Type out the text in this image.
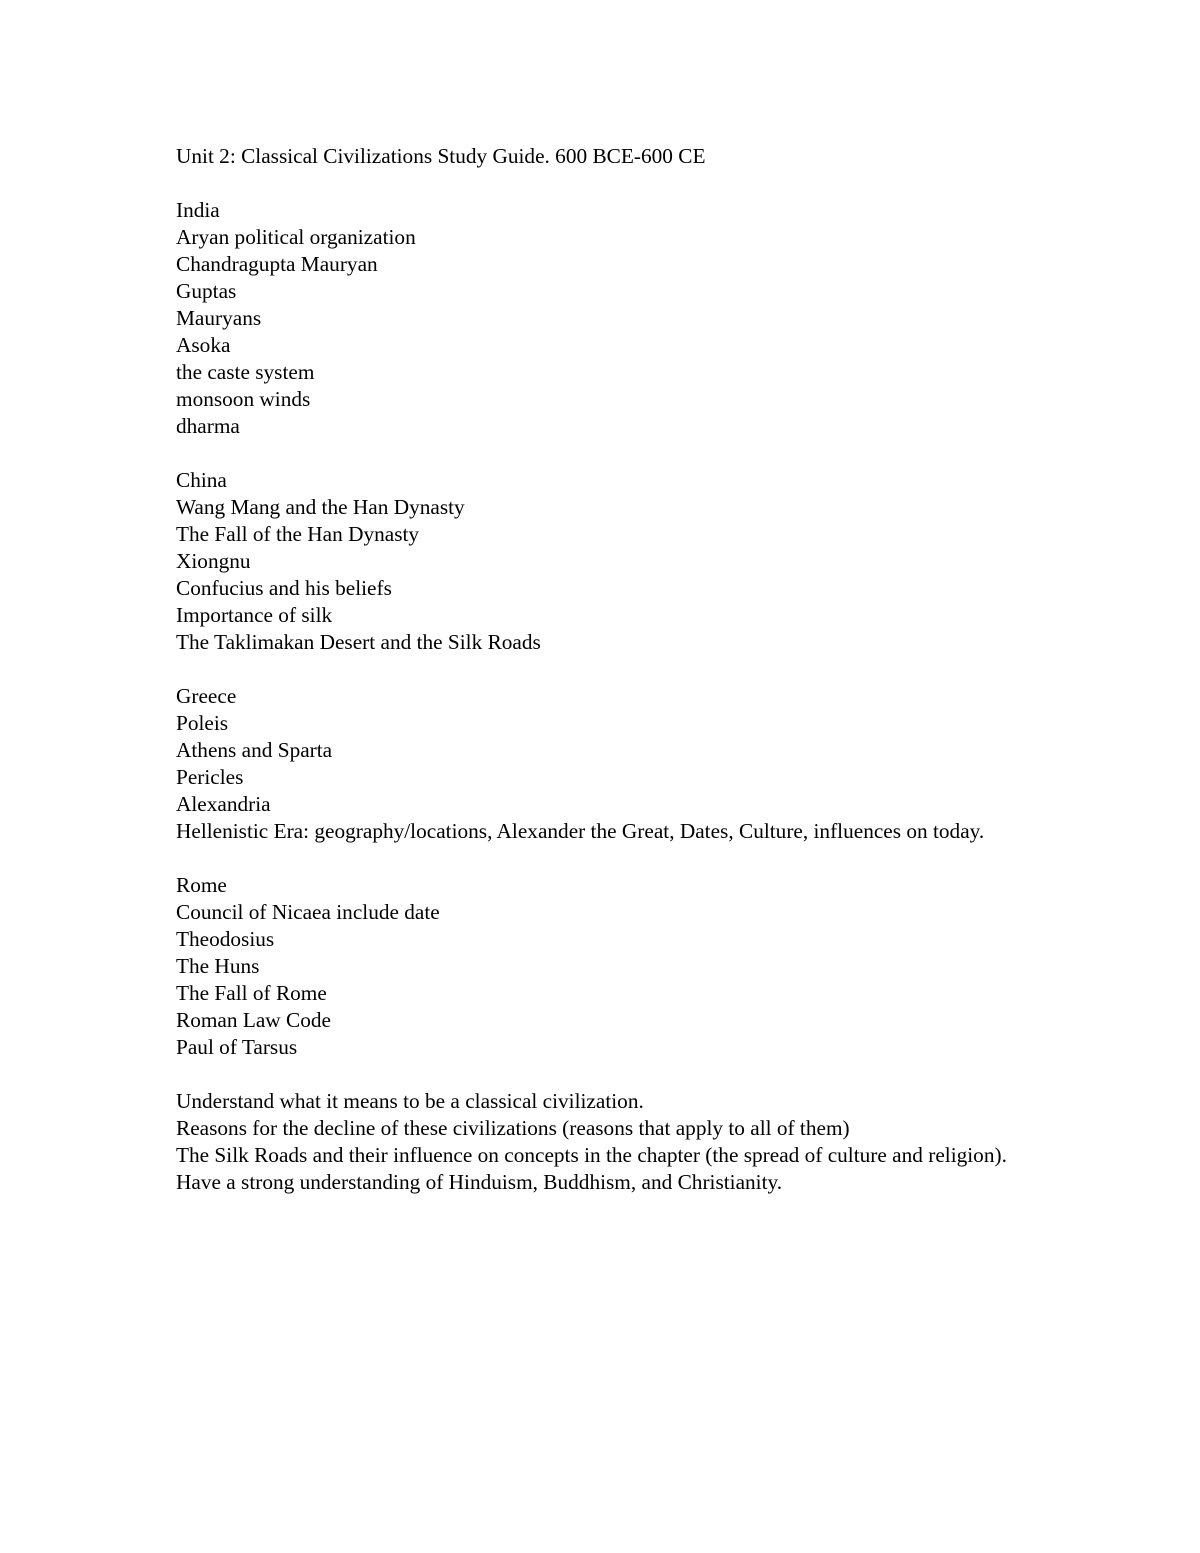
Unit 2: Classical Civilizations Study Guide. 600 BCE-600 CE
India
Aryan political organization
Chandragupta Mauryan
Guptas
Mauryans
Asoka
the caste system
monsoon winds
dharma
China
Wang Mang and the Han Dynasty
The Fall of the Han Dynasty
Xiongnu
Confucius and his beliefs
Importance of silk
The Taklimakan Desert and the Silk Roads
Greece
Poleis
Athens and Sparta
Pericles
Alexandria
Hellenistic Era: geography/locations, Alexander the Great, Dates, Culture, influences on today.
Rome
Council of Nicaea include date
Theodosius
The Huns
The Fall of Rome
Roman Law Code
Paul of Tarsus
Understand what it means to be a classical civilization.
Reasons for the decline of these civilizations (reasons that apply to all of them)
The Silk Roads and their influence on concepts in the chapter (the spread of culture and religion).
Have a strong understanding of Hinduism, Buddhism, and Christianity.
